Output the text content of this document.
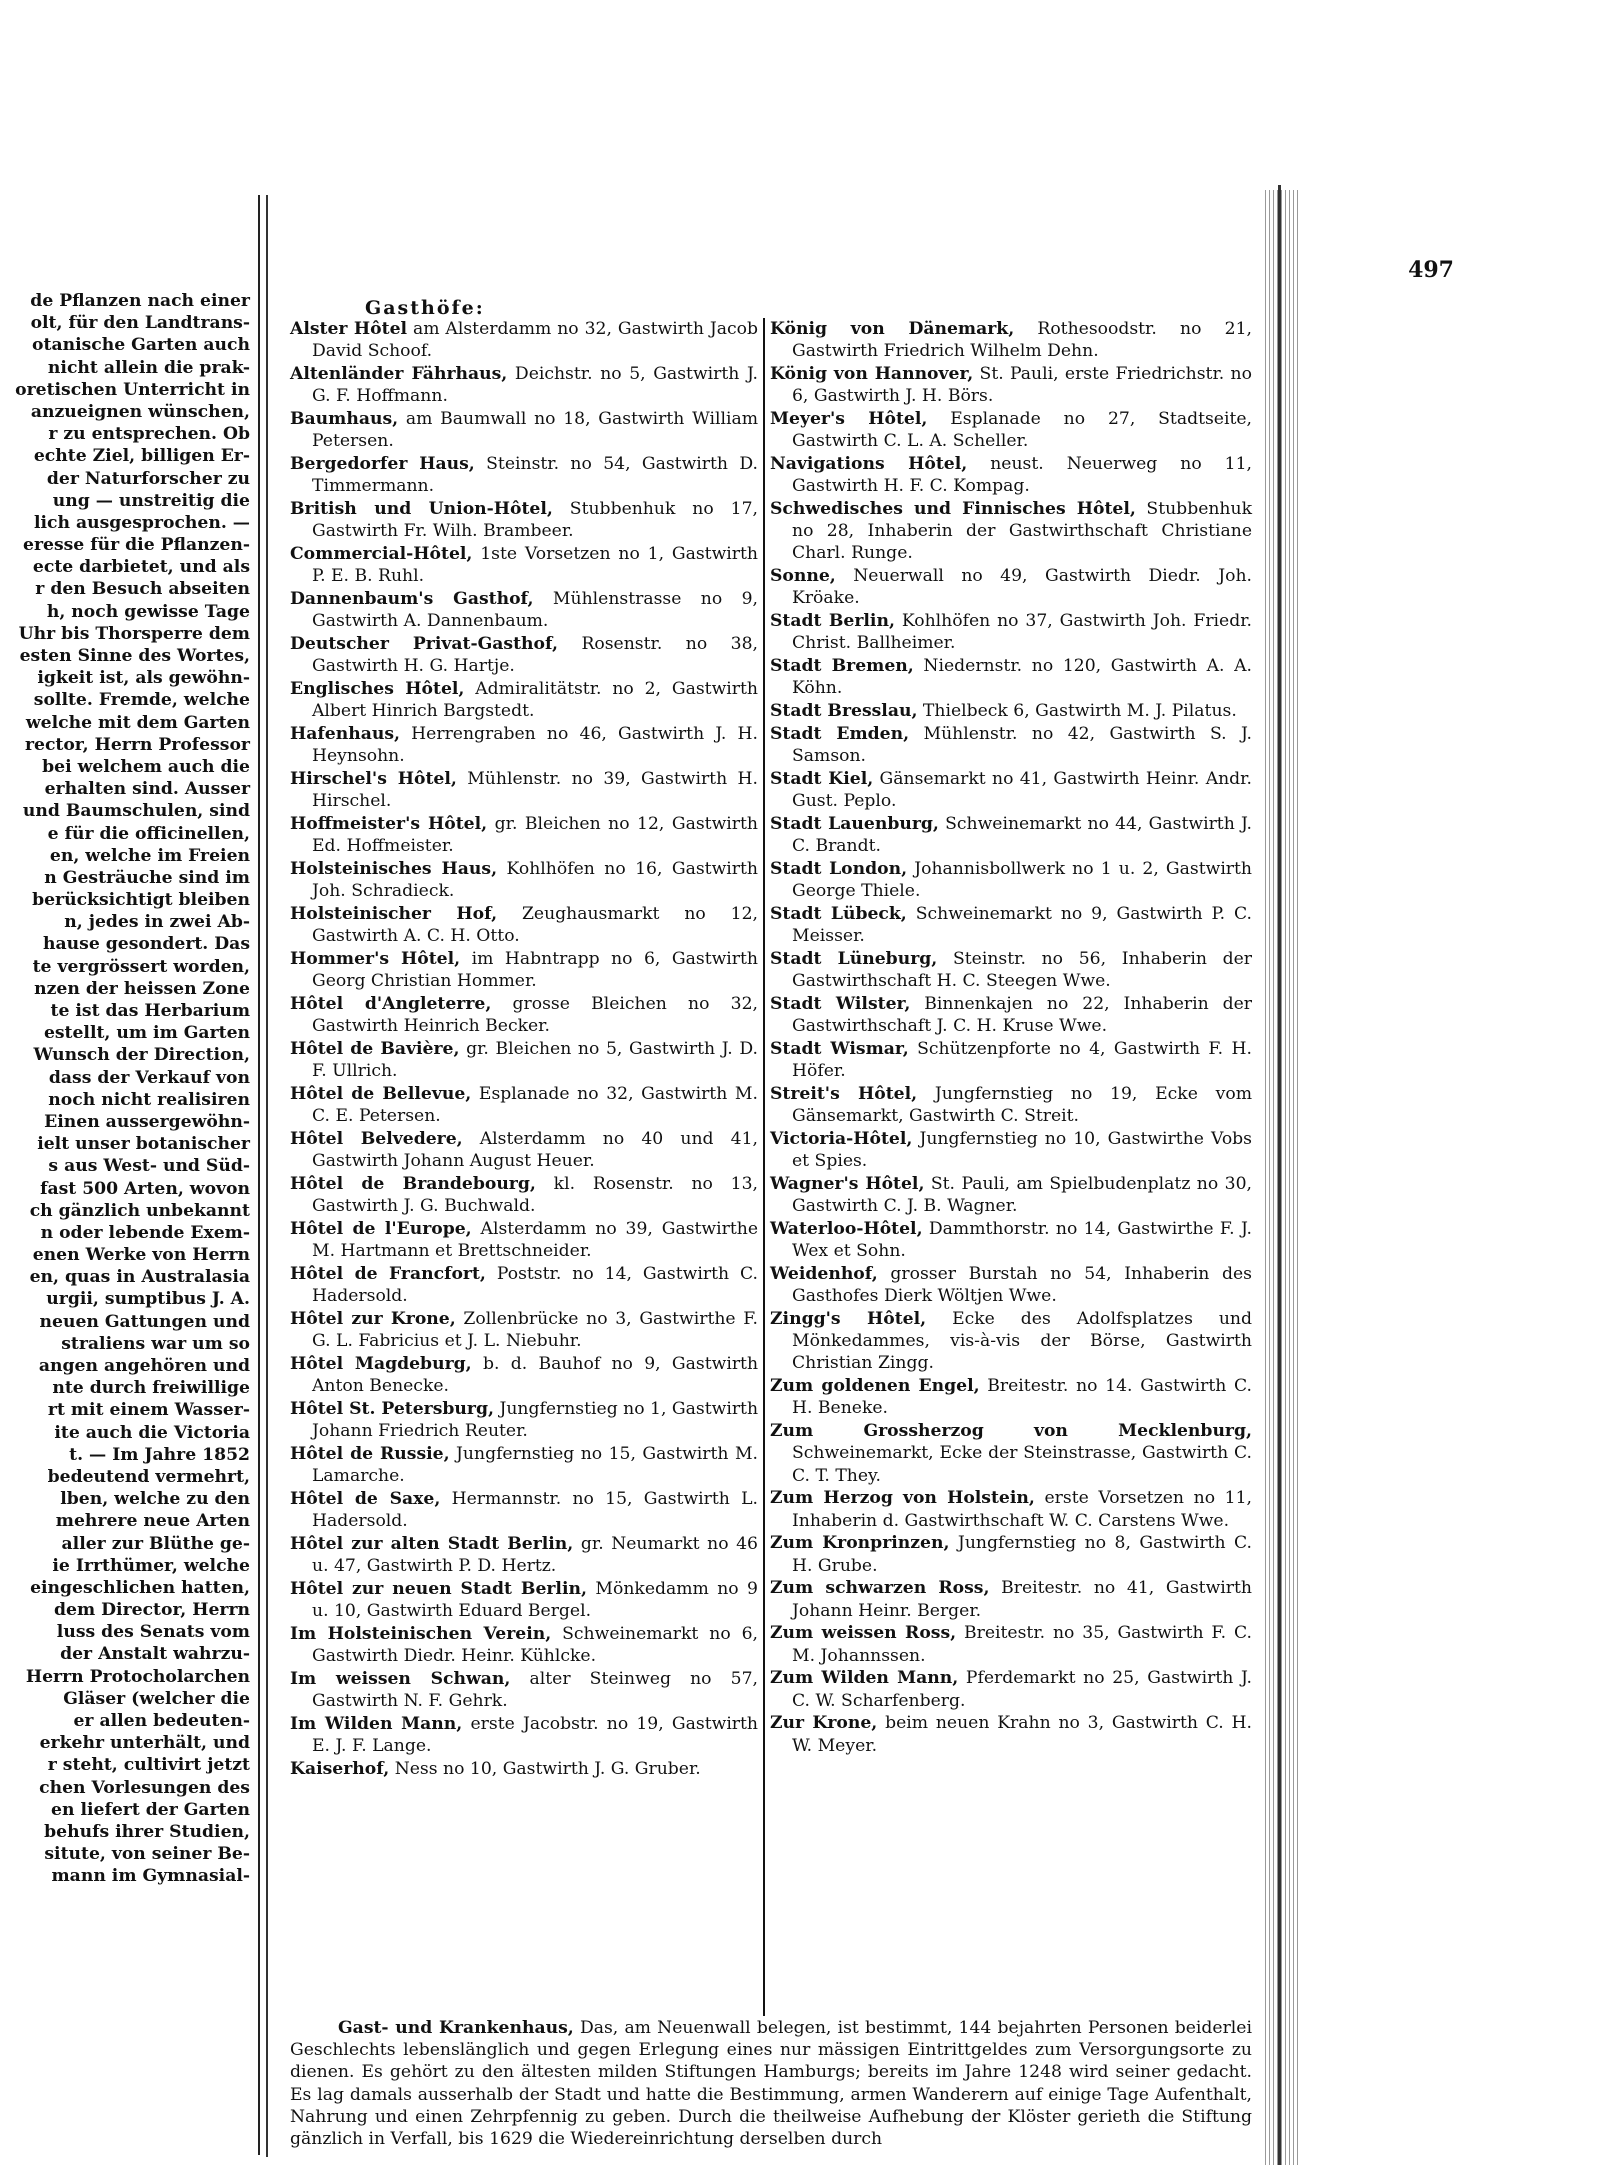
de Pflanzen nach einer
olt, für den Landtrans-
otanische Garten auch
nicht allein die prak-
oretischen Unterricht in
anzueignen wünschen,
r zu entsprechen. Ob
echte Ziel, billigen Er-
der Naturforscher zu
ung — unstreitig die
lich ausgesprochen. —
eresse für die Pflanzen-
ecte darbietet, und als
r den Besuch abseiten
h, noch gewisse Tage
Uhr bis Thorsperre dem
esten Sinne des Wortes,
igkeit ist, als gewöhn-
sollte. Fremde, welche
welche mit dem Garten
rector, Herrn Professor
bei welchem auch die
erhalten sind. Ausser
und Baumschulen, sind
e für die officinellen,
en, welche im Freien
n Gesträuche sind im
berücksichtigt bleiben
n, jedes in zwei Ab-
hause gesondert. Das
te vergrössert worden,
nzen der heissen Zone
te ist das Herbarium
estellt, um im Garten
Wunsch der Direction,
dass der Verkauf von
noch nicht realisiren
Einen aussergewöhn-
ielt unser botanischer
s aus West- und Süd-
fast 500 Arten, wovon
ch gänzlich unbekannt
n oder lebende Exem-
enen Werke von Herrn
en, quas in Australasia
urgii, sumptibus J. A.
neuen Gattungen und
straliens war um so
angen angehören und
nte durch freiwillige
rt mit einem Wasser-
ite auch die Victoria
t. — Im Jahre 1852
bedeutend vermehrt,
lben, welche zu den
mehrere neue Arten
aller zur Blüthe ge-
ie Irrthümer, welche
eingeschlichen hatten,
dem Director, Herrn
luss des Senats vom
der Anstalt wahrzu-
Herrn Protocholarchen
Gläser (welcher die
er allen bedeuten-
erkehr unterhält, und
r steht, cultivirt jetzt
chen Vorlesungen des
en liefert der Garten
behufs ihrer Studien,
situte, von seiner Be-
mann im Gymnasial-
497
Gasthöfe:
Alster Hôtel am Alsterdamm no 32, Gastwirth Jacob David Schoof.
Altenländer Fährhaus, Deichstr. no 5, Gastwirth J. G. F. Hoffmann.
Baumhaus, am Baumwall no 18, Gastwirth William Petersen.
Bergedorfer Haus, Steinstr. no 54, Gastwirth D. Timmermann.
British und Union-Hôtel, Stubbenhuk no 17, Gastwirth Fr. Wilh. Brambeer.
Commercial-Hôtel, 1ste Vorsetzen no 1, Gastwirth P. E. B. Ruhl.
Dannenbaum's Gasthof, Mühlenstrasse no 9, Gastwirth A. Dannenbaum.
Deutscher Privat-Gasthof, Rosenstr. no 38, Gastwirth H. G. Hartje.
Englisches Hôtel, Admiralitätstr. no 2, Gastwirth Albert Hinrich Bargstedt.
Hafenhaus, Herrengraben no 46, Gastwirth J. H. Heynsohn.
Hirschel's Hôtel, Mühlenstr. no 39, Gastwirth H. Hirschel.
Hoffmeister's Hôtel, gr. Bleichen no 12, Gastwirth Ed. Hoffmeister.
Holsteinisches Haus, Kohlhöfen no 16, Gastwirth Joh. Schradieck.
Holsteinischer Hof, Zeughausmarkt no 12, Gastwirth A. C. H. Otto.
Hommer's Hôtel, im Habntrapp no 6, Gastwirth Georg Christian Hommer.
Hôtel d'Angleterre, grosse Bleichen no 32, Gastwirth Heinrich Becker.
Hôtel de Bavière, gr. Bleichen no 5, Gastwirth J. D. F. Ullrich.
Hôtel de Bellevue, Esplanade no 32, Gastwirth M. C. E. Petersen.
Hôtel Belvedere, Alsterdamm no 40 und 41, Gastwirth Johann August Heuer.
Hôtel de Brandebourg, kl. Rosenstr. no 13, Gastwirth J. G. Buchwald.
Hôtel de l'Europe, Alsterdamm no 39, Gastwirthe M. Hartmann et Brettschneider.
Hôtel de Francfort, Poststr. no 14, Gastwirth C. Hadersold.
Hôtel zur Krone, Zollenbrücke no 3, Gastwirthe F. G. L. Fabricius et J. L. Niebuhr.
Hôtel Magdeburg, b. d. Bauhof no 9, Gastwirth Anton Benecke.
Hôtel St. Petersburg, Jungfernstieg no 1, Gastwirth Johann Friedrich Reuter.
Hôtel de Russie, Jungfernstieg no 15, Gastwirth M. Lamarche.
Hôtel de Saxe, Hermannstr. no 15, Gastwirth L. Hadersold.
Hôtel zur alten Stadt Berlin, gr. Neumarkt no 46 u. 47, Gastwirth P. D. Hertz.
Hôtel zur neuen Stadt Berlin, Mönkedamm no 9 u. 10, Gastwirth Eduard Bergel.
Im Holsteinischen Verein, Schweinemarkt no 6, Gastwirth Diedr. Heinr. Kühlcke.
Im weissen Schwan, alter Steinweg no 57, Gastwirth N. F. Gehrk.
Im Wilden Mann, erste Jacobstr. no 19, Gastwirth E. J. F. Lange.
Kaiserhof, Ness no 10, Gastwirth J. G. Gruber.
König von Dänemark, Rothesoodstr. no 21, Gastwirth Friedrich Wilhelm Dehn.
König von Hannover, St. Pauli, erste Friedrichstr. no 6, Gastwirth J. H. Börs.
Meyer's Hôtel, Esplanade no 27, Stadtseite, Gastwirth C. L. A. Scheller.
Navigations Hôtel, neust. Neuerweg no 11, Gastwirth H. F. C. Kompag.
Schwedisches und Finnisches Hôtel, Stubbenhuk no 28, Inhaberin der Gastwirthschaft Christiane Charl. Runge.
Sonne, Neuerwall no 49, Gastwirth Diedr. Joh. Kröake.
Stadt Berlin, Kohlhöfen no 37, Gastwirth Joh. Friedr. Christ. Ballheimer.
Stadt Bremen, Niedernstr. no 120, Gastwirth A. A. Köhn.
Stadt Bresslau, Thielbeck 6, Gastwirth M. J. Pilatus.
Stadt Emden, Mühlenstr. no 42, Gastwirth S. J. Samson.
Stadt Kiel, Gänsemarkt no 41, Gastwirth Heinr. Andr. Gust. Peplo.
Stadt Lauenburg, Schweinemarkt no 44, Gastwirth J. C. Brandt.
Stadt London, Johannisbollwerk no 1 u. 2, Gastwirth George Thiele.
Stadt Lübeck, Schweinemarkt no 9, Gastwirth P. C. Meisser.
Stadt Lüneburg, Steinstr. no 56, Inhaberin der Gastwirthschaft H. C. Steegen Wwe.
Stadt Wilster, Binnenkajen no 22, Inhaberin der Gastwirthschaft J. C. H. Kruse Wwe.
Stadt Wismar, Schützenpforte no 4, Gastwirth F. H. Höfer.
Streit's Hôtel, Jungfernstieg no 19, Ecke vom Gänsemarkt, Gastwirth C. Streit.
Victoria-Hôtel, Jungfernstieg no 10, Gastwirthe Vobs et Spies.
Wagner's Hôtel, St. Pauli, am Spielbudenplatz no 30, Gastwirth C. J. B. Wagner.
Waterloo-Hôtel, Dammthorstr. no 14, Gastwirthe F. J. Wex et Sohn.
Weidenhof, grosser Burstah no 54, Inhaberin des Gasthofes Dierk Wöltjen Wwe.
Zingg's Hôtel, Ecke des Adolfsplatzes und Mönkedammes, vis-à-vis der Börse, Gastwirth Christian Zingg.
Zum goldenen Engel, Breitestr. no 14. Gastwirth C. H. Beneke.
Zum Grossherzog von Mecklenburg, Schweinemarkt, Ecke der Steinstrasse, Gastwirth C. C. T. They.
Zum Herzog von Holstein, erste Vorsetzen no 11, Inhaberin d. Gastwirthschaft W. C. Carstens Wwe.
Zum Kronprinzen, Jungfernstieg no 8, Gastwirth C. H. Grube.
Zum schwarzen Ross, Breitestr. no 41, Gastwirth Johann Heinr. Berger.
Zum weissen Ross, Breitestr. no 35, Gastwirth F. C. M. Johannssen.
Zum Wilden Mann, Pferdemarkt no 25, Gastwirth J. C. W. Scharfenberg.
Zur Krone, beim neuen Krahn no 3, Gastwirth C. H. W. Meyer.
Gast- und Krankenhaus, Das, am Neuenwall belegen, ist bestimmt, 144 bejahrten Personen beiderlei Geschlechts lebenslänglich und gegen Erlegung eines nur mässigen Eintrittgeldes zum Versorgungsorte zu dienen. Es gehört zu den ältesten milden Stiftungen Hamburgs; bereits im Jahre 1248 wird seiner gedacht. Es lag damals ausserhalb der Stadt und hatte die Bestimmung, armen Wanderern auf einige Tage Aufenthalt, Nahrung und einen Zehrpfennig zu geben. Durch die theilweise Aufhebung der Klöster gerieth die Stiftung gänzlich in Verfall, bis 1629 die Wiedereinrichtung derselben durch
